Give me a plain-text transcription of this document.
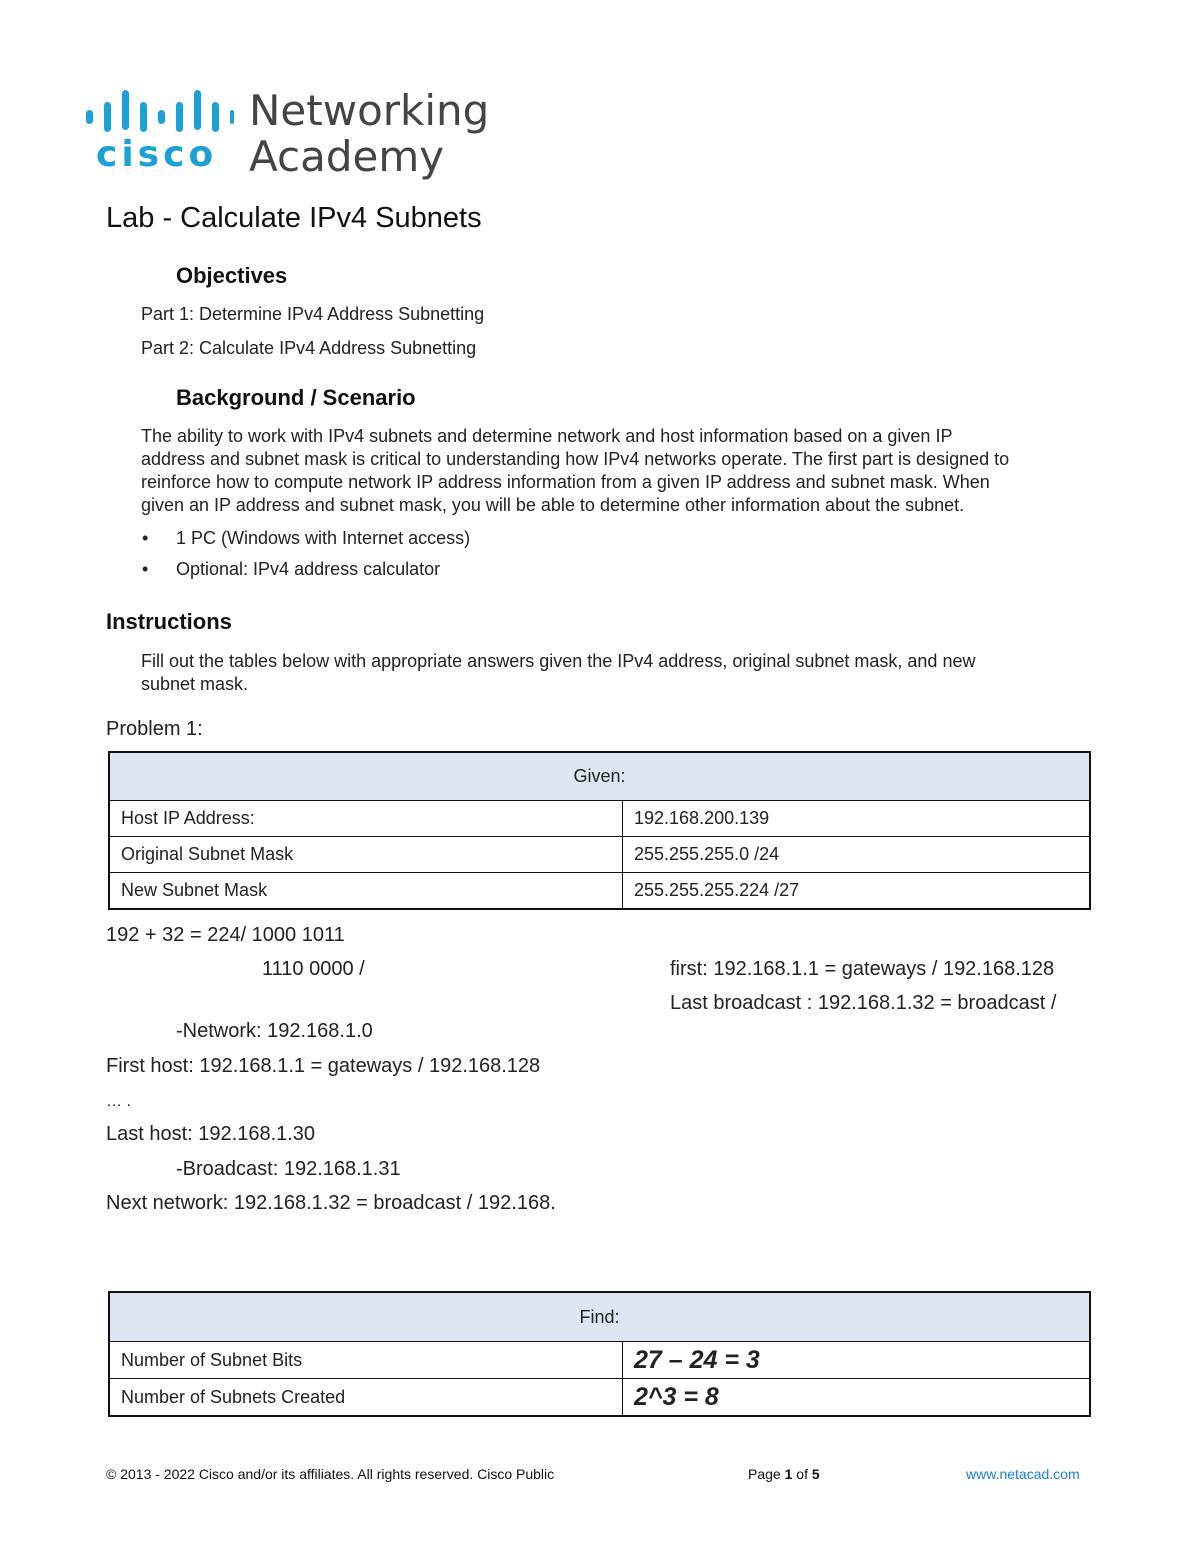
cisco
Networking
Academy
Lab - Calculate IPv4 Subnets
Objectives
Part 1: Determine IPv4 Address Subnetting
Part 2: Calculate IPv4 Address Subnetting
Background / Scenario
The ability to work with IPv4 subnets and determine network and host information based on a given IP
address and subnet mask is critical to understanding how IPv4 networks operate. The first part is designed to
reinforce how to compute network IP address information from a given IP address and subnet mask. When
given an IP address and subnet mask, you will be able to determine other information about the subnet.
• 1 PC (Windows with Internet access)
• Optional: IPv4 address calculator
Instructions
Fill out the tables below with appropriate answers given the IPv4 address, original subnet mask, and new
subnet mask.
Problem 1:
Given:	
Host IP Address:	192.168.200.139
Original Subnet Mask	255.255.255.0 /24
New Subnet Mask	255.255.255.224 /27
192 + 32 = 224/ 1000 1011
1110 0000 /	first: 192.168.1.1 = gateways / 192.168.128
Last broadcast : 192.168.1.32 = broadcast /
-Network: 192.168.1.0
First host: 192.168.1.1 = gateways / 192.168.128
… .
Last host: 192.168.1.30
-Broadcast: 192.168.1.31
Next network: 192.168.1.32 = broadcast / 192.168.
Find:	
Number of Subnet Bits	27 – 24 = 3
Number of Subnets Created	2^3 = 8
© 2013 - 2022 Cisco and/or its affiliates. All rights reserved. Cisco Public	Page 1 of 5	www.netacad.com
